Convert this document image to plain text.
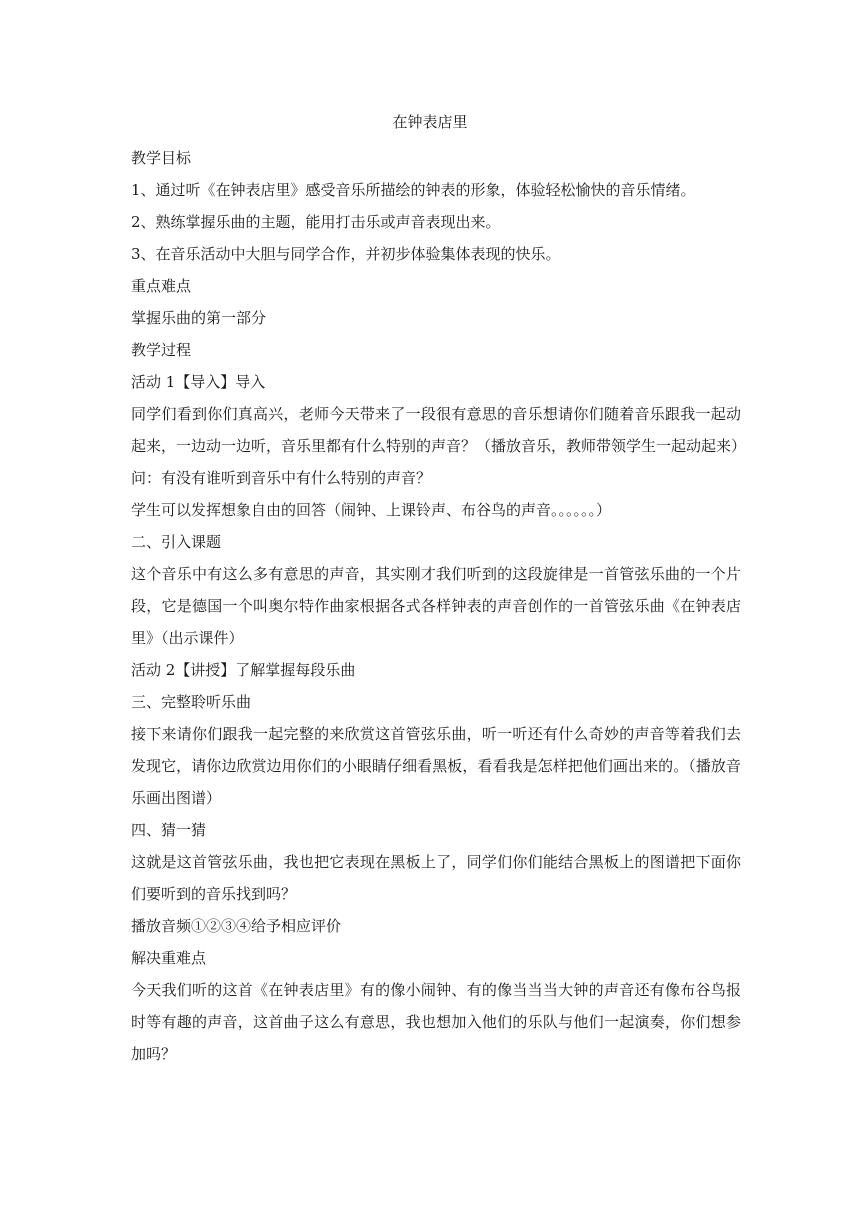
在钟表店里

教学目标

1、通过听《在钟表店里》感受音乐所描绘的钟表的形象，体验轻松愉快的音乐情绪。

2、熟练掌握乐曲的主题，能用打击乐或声音表现出来。

3、在音乐活动中大胆与同学合作，并初步体验集体表现的快乐。

重点难点

掌握乐曲的第一部分

教学过程

活动 1【导入】导入

同学们看到你们真高兴，老师今天带来了一段很有意思的音乐想请你们随着音乐跟我一起动起来，一边动一边听，音乐里都有什么特别的声音？（播放音乐，教师带领学生一起动起来）

问：有没有谁听到音乐中有什么特别的声音？

学生可以发挥想象自由的回答（闹钟、上课铃声、布谷鸟的声音。。。。。。）

二、引入课题

这个音乐中有这么多有意思的声音，其实刚才我们听到的这段旋律是一首管弦乐曲的一个片段，它是德国一个叫奥尔特作曲家根据各式各样钟表的声音创作的一首管弦乐曲《在钟表店里》（出示课件）

活动 2【讲授】了解掌握每段乐曲

三、完整聆听乐曲

接下来请你们跟我一起完整的来欣赏这首管弦乐曲，听一听还有什么奇妙的声音等着我们去发现它，请你边欣赏边用你们的小眼睛仔细看黑板，看看我是怎样把他们画出来的。（播放音乐画出图谱）

四、猜一猜

这就是这首管弦乐曲，我也把它表现在黑板上了，同学们你们能结合黑板上的图谱把下面你们要听到的音乐找到吗？

播放音频①②③④给予相应评价

解决重难点

今天我们听的这首《在钟表店里》有的像小闹钟、有的像当当当大钟的声音还有像布谷鸟报时等有趣的声音，这首曲子这么有意思，我也想加入他们的乐队与他们一起演奏，你们想参加吗？
